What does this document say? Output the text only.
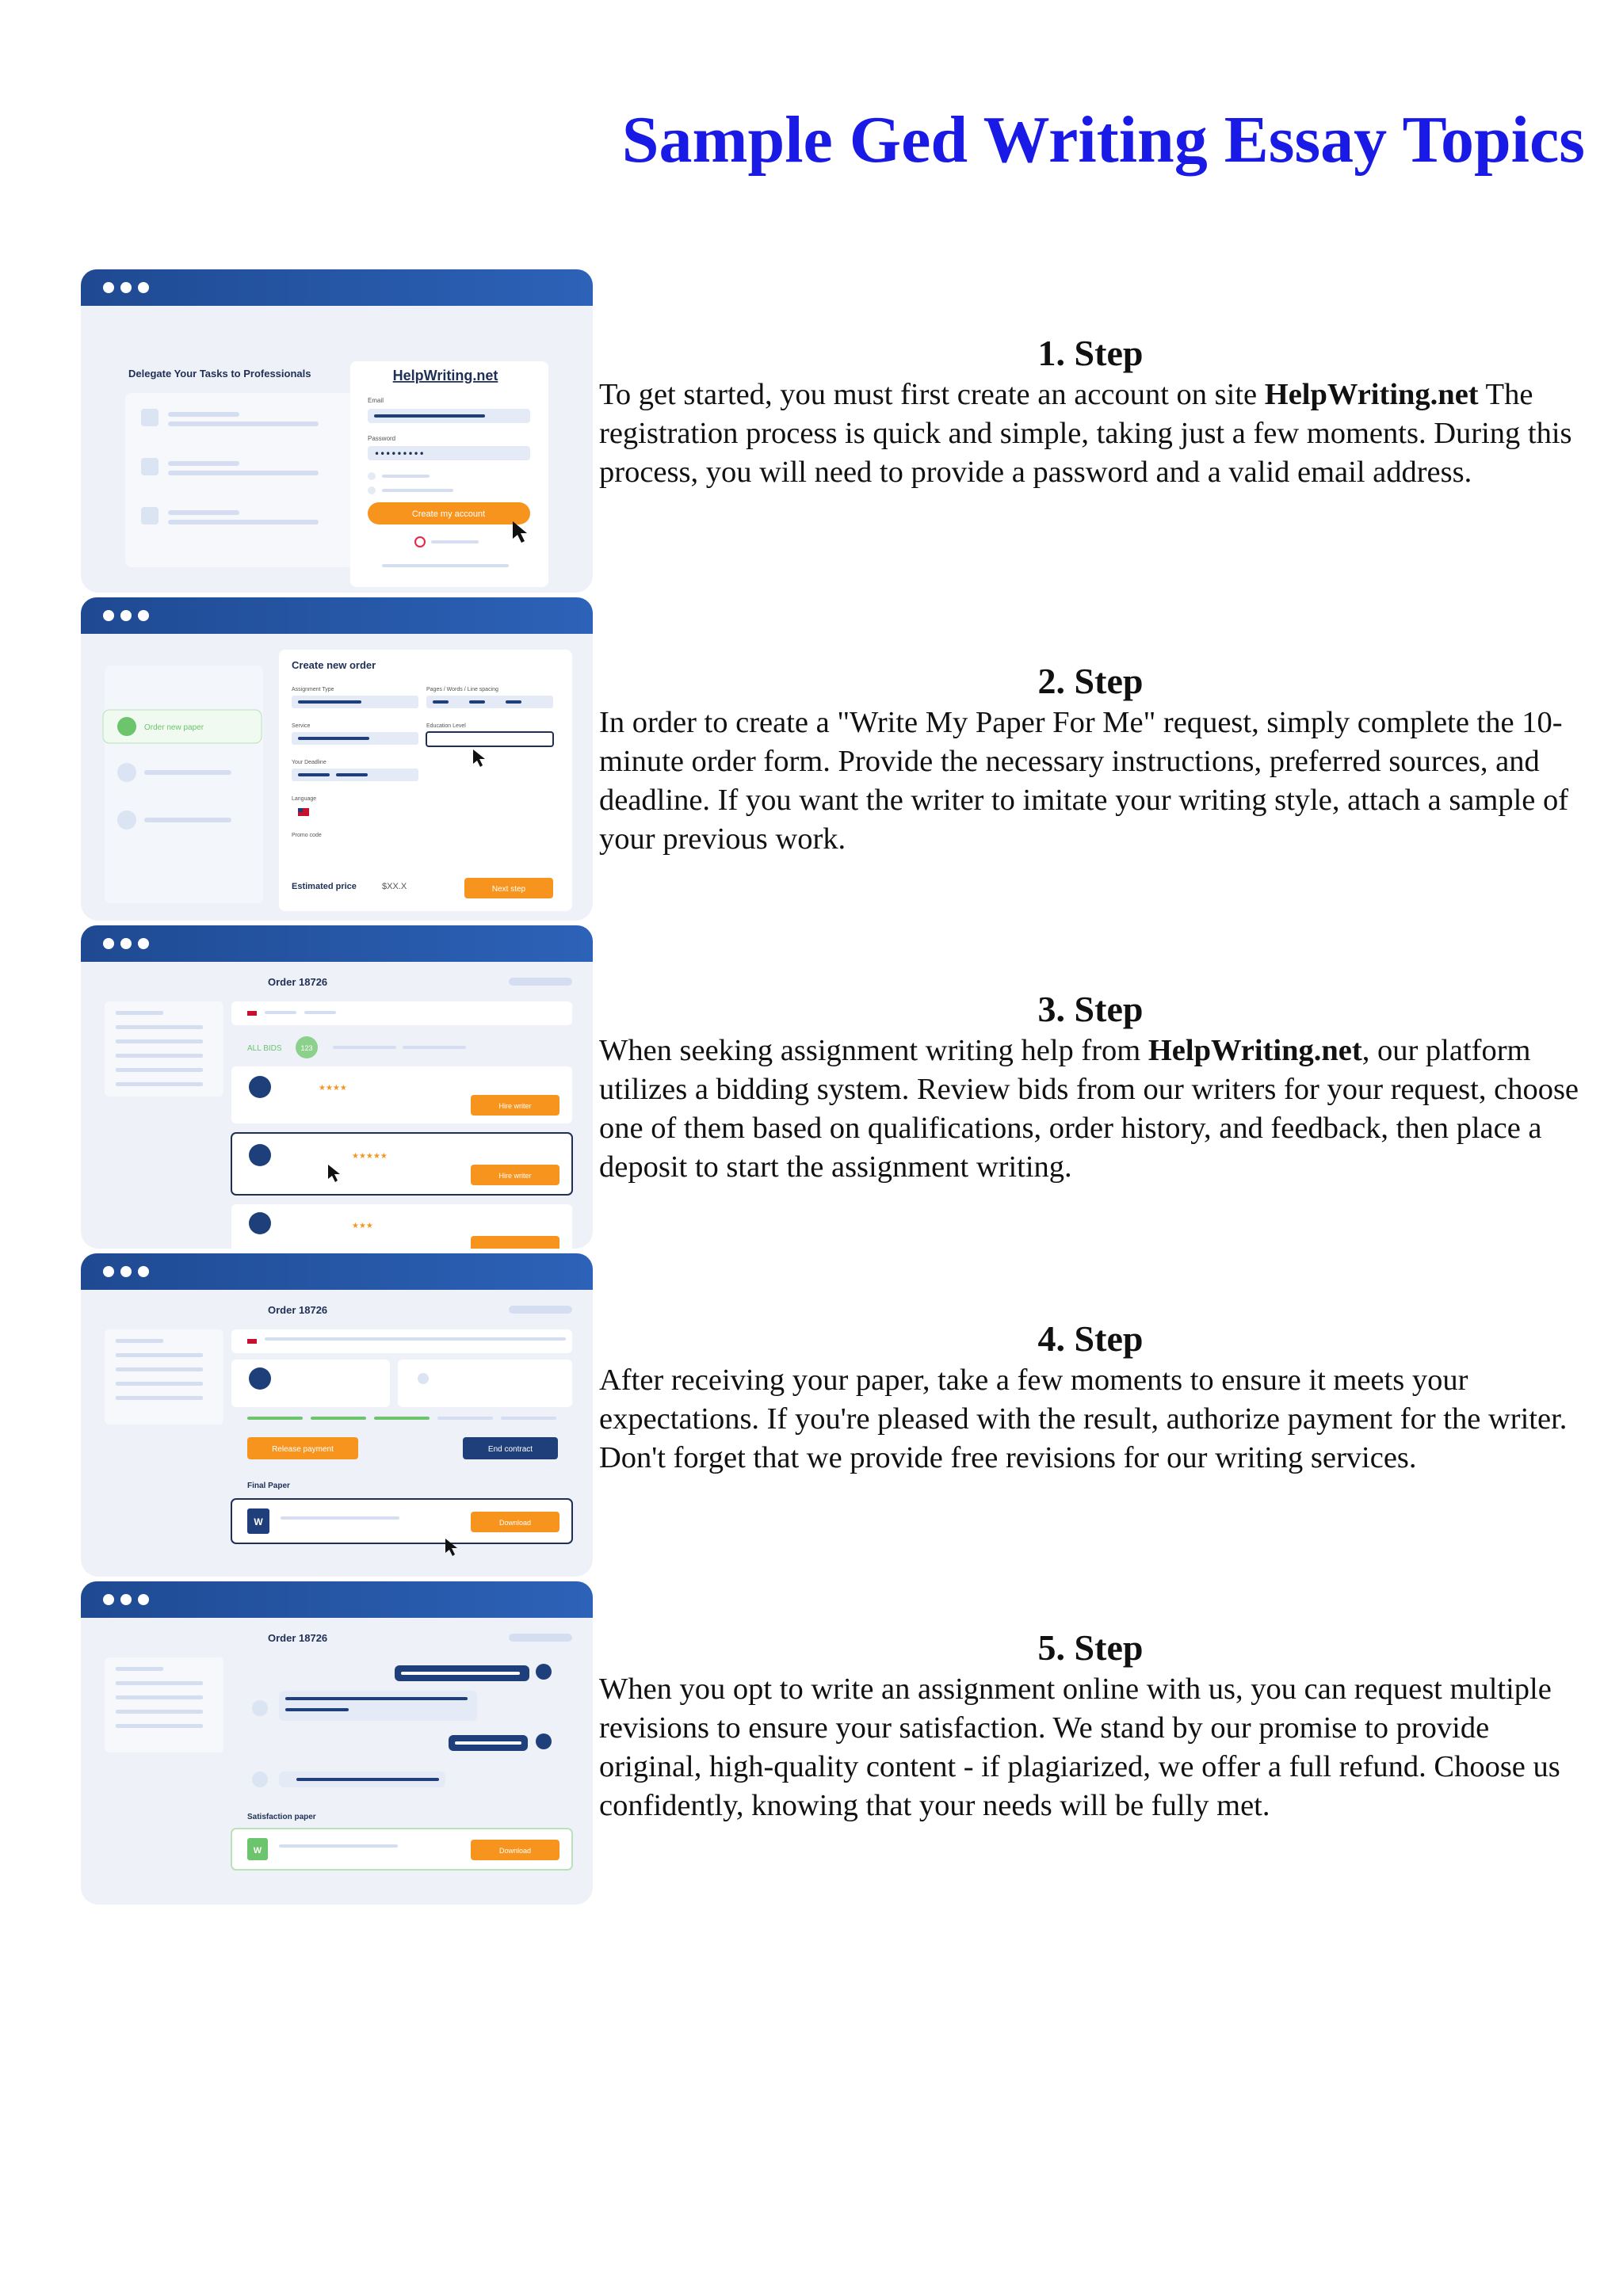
Sample Ged Writing Essay Topics
Delegate Your Tasks to Professionals	HelpWriting.net
Email
Password
•••••••••
Create my account
Order new paper
Create new order
Assignment Type	Pages / Words / Line spacing
Service	Education Level
Your Deadline
Language
Promo code
Estimated price	$XX.X	Next step
Order 18726
ALL BIDS	123
★★★★
Hire writer
★★★★★
Hire writer
★★★
Order 18726
Release payment	End contract
Final Paper
W	Download
Order 18726
Satisfaction paper
W	Download
1. Step

To get started, you must first create an account on site HelpWriting.net The registration process is quick and simple, taking just a few moments. During this process, you will need to provide a password and a valid email address.

2. Step

In order to create a "Write My Paper For Me" request, simply complete the 10-minute order form. Provide the necessary instructions, preferred sources, and deadline. If you want the writer to imitate your writing style, attach a sample of your previous work.

3. Step

When seeking assignment writing help from HelpWriting.net, our platform utilizes a bidding system. Review bids from our writers for your request, choose one of them based on qualifications, order history, and feedback, then place a deposit to start the assignment writing.

4. Step

After receiving your paper, take a few moments to ensure it meets your expectations. If you're pleased with the result, authorize payment for the writer. Don't forget that we provide free revisions for our writing services.

5. Step

When you opt to write an assignment online with us, you can request multiple revisions to ensure your satisfaction. We stand by our promise to provide original, high-quality content - if plagiarized, we offer a full refund. Choose us confidently, knowing that your needs will be fully met.
